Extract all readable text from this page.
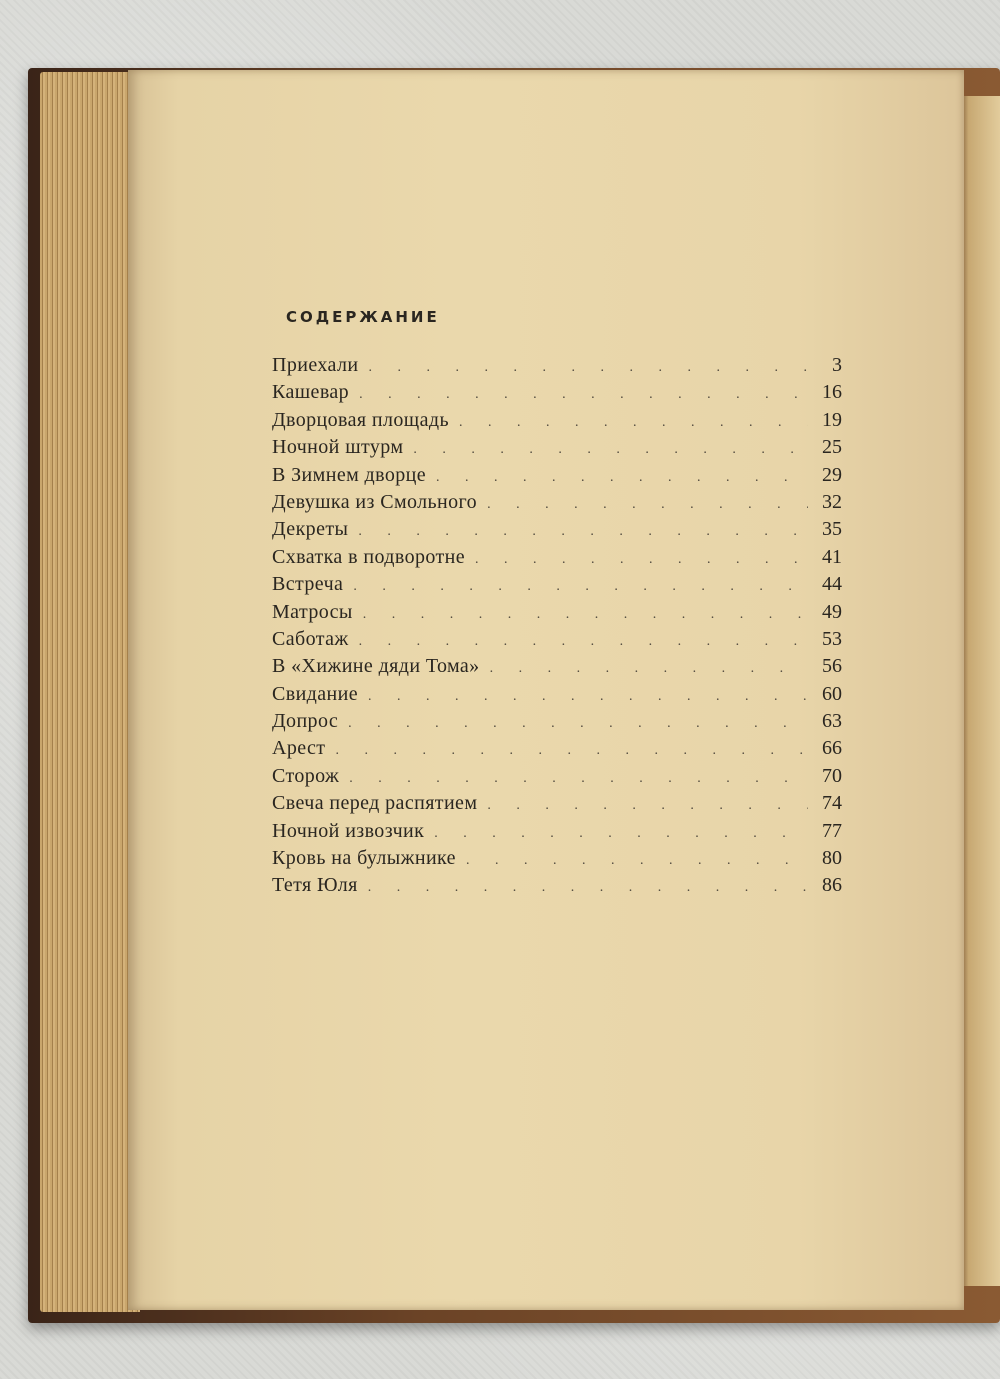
СОДЕРЖАНИЕ
Приехали . . .	3
Кашевар . . .	16
Дворцовая площадь . . .	19
Ночной штурм . . .	25
В Зимнем дворце . . .	29
Девушка из Смольного . . .	32
Декреты . . .	35
Схватка в подворотне . . .	41
Встреча . . .	44
Матросы . . .	49
Саботаж . . .	53
В «Хижине дяди Тома» . . .	56
Свидание . . .	60
Допрос . . .	63
Арест . . .	66
Сторож . . .	70
Свеча перед распятием . . .	74
Ночной извозчик . . .	77
Кровь на булыжнике . . .	80
Тетя Юля . . .	86
